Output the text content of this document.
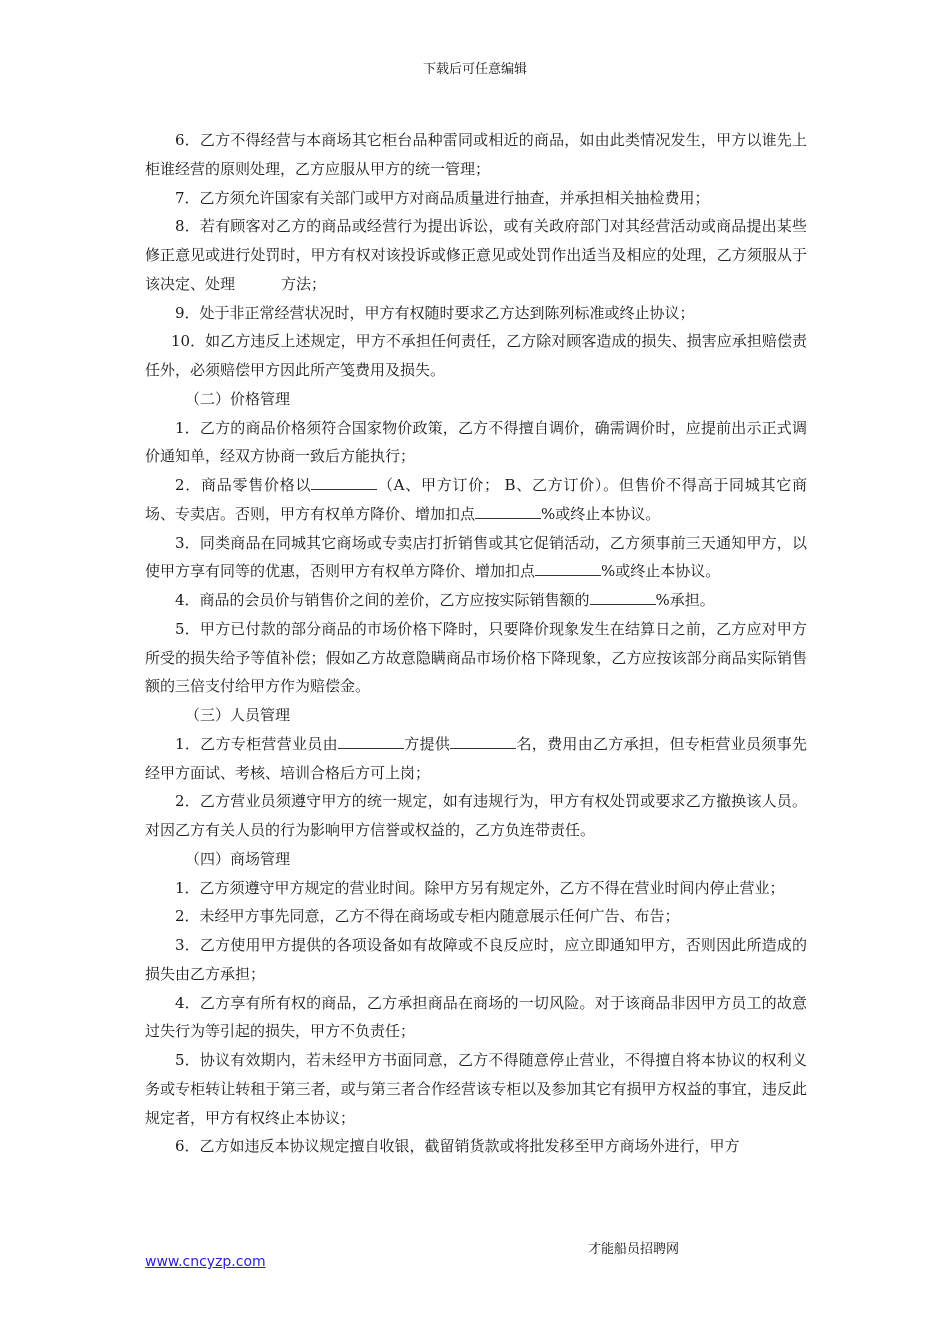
下载后可任意编辑

6．乙方不得经营与本商场其它柜台品种雷同或相近的商品，如由此类情况发生，甲方以谁先上柜谁经营的原则处理，乙方应服从甲方的统一管理；

7．乙方须允许国家有关部门或甲方对商品质量进行抽查，并承担相关抽检费用；

8．若有顾客对乙方的商品或经营行为提出诉讼，或有关政府部门对其经营活动或商品提出某些修正意见或进行处罚时，甲方有权对该投诉或修正意见或处罚作出适当及相应的处理，乙方须服从于该决定、处理	方法；

9．处于非正常经营状况时，甲方有权随时要求乙方达到陈列标准或终止协议；

10．如乙方违反上述规定，甲方不承担任何责任，乙方除对顾客造成的损失、损害应承担赔偿责任外，必须赔偿甲方因此所产笺费用及损失。

（二）价格管理

1．乙方的商品价格须符合国家物价政策，乙方不得擅自调价，确需调价时，应提前出示正式调价通知单，经双方协商一致后方能执行；

2．商品零售价格以	（A、甲方订价； B、乙方订价）。但售价不得高于同城其它商场、专卖店。否则，甲方有权单方降价、增加扣点	%或终止本协议。

3．同类商品在同城其它商场或专卖店打折销售或其它促销活动，乙方须事前三天通知甲方，以使甲方享有同等的优惠，否则甲方有权单方降价、增加扣点	%或终止本协议。

4．商品的会员价与销售价之间的差价，乙方应按实际销售额的	%承担。

5．甲方已付款的部分商品的市场价格下降时，只要降价现象发生在结算日之前，乙方应对甲方所受的损失给予等值补偿；假如乙方故意隐瞒商品市场价格下降现象，乙方应按该部分商品实际销售额的三倍支付给甲方作为赔偿金。

（三）人员管理

1．乙方专柜营营业员由	方提供	名，费用由乙方承担，但专柜营业员须事先经甲方面试、考核、培训合格后方可上岗；

2．乙方营业员须遵守甲方的统一规定，如有违规行为，甲方有权处罚或要求乙方撤换该人员。对因乙方有关人员的行为影响甲方信誉或权益的，乙方负连带责任。

（四）商场管理

1．乙方须遵守甲方规定的营业时间。除甲方另有规定外，乙方不得在营业时间内停止营业；

2．未经甲方事先同意，乙方不得在商场或专柜内随意展示任何广告、布告；

3．乙方使用甲方提供的各项设备如有故障或不良反应时，应立即通知甲方，否则因此所造成的损失由乙方承担；

4．乙方享有所有权的商品，乙方承担商品在商场的一切风险。对于该商品非因甲方员工的故意过失行为等引起的损失，甲方不负责任；

5．协议有效期内，若未经甲方书面同意，乙方不得随意停止营业，不得擅自将本协议的权利义务或专柜转让转租于第三者，或与第三者合作经营该专柜以及参加其它有损甲方权益的事宜，违反此规定者，甲方有权终止本协议；

6．乙方如违反本协议规定擅自收银，截留销货款或将批发移至甲方商场外进行，甲方

www.cncyzp.com
才能船员招聘网
